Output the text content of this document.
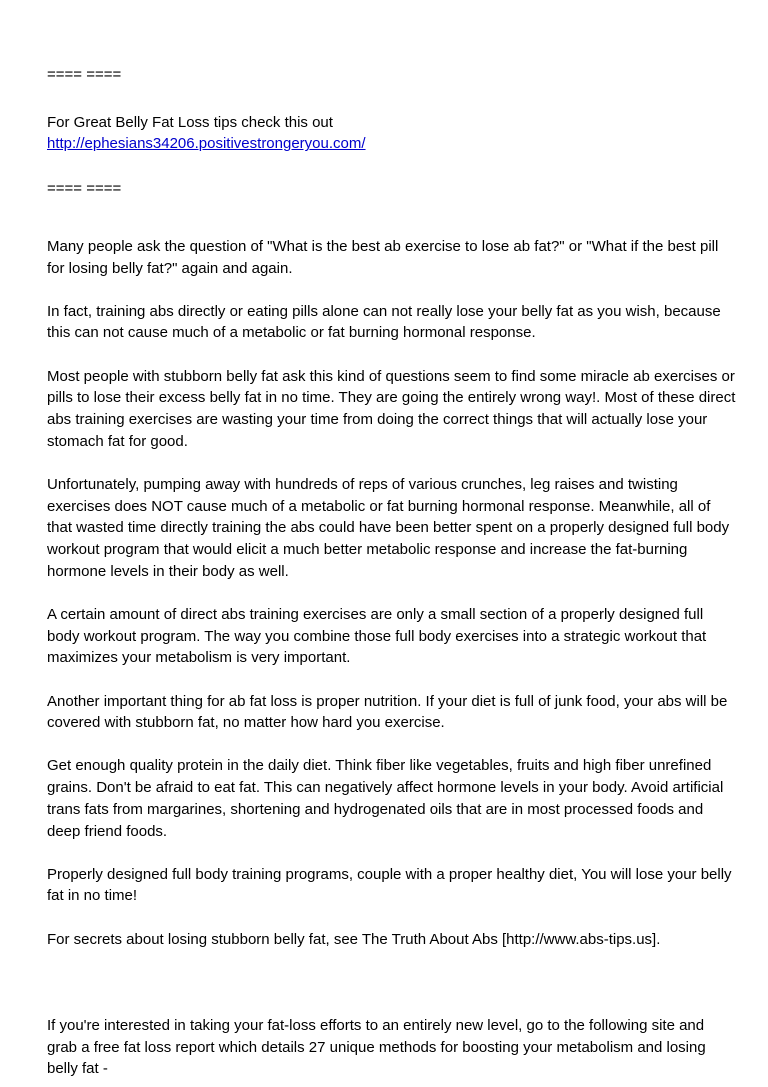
==== ====

For Great Belly Fat Loss tips check this out

http://ephesians34206.positivestrongeryou.com/

==== ====

Many people ask the question of "What is the best ab exercise to lose ab fat?" or "What if the best pill for losing belly fat?" again and again.

In fact, training abs directly or eating pills alone can not really lose your belly fat as you wish, because this can not cause much of a metabolic or fat burning hormonal response.

Most people with stubborn belly fat ask this kind of questions seem to find some miracle ab exercises or pills to lose their excess belly fat in no time. They are going the entirely wrong way!. Most of these direct abs training exercises are wasting your time from doing the correct things that will actually lose your stomach fat for good.

Unfortunately, pumping away with hundreds of reps of various crunches, leg raises and twisting exercises does NOT cause much of a metabolic or fat burning hormonal response. Meanwhile, all of that wasted time directly training the abs could have been better spent on a properly designed full body workout program that would elicit a much better metabolic response and increase the fat-burning hormone levels in their body as well.

A certain amount of direct abs training exercises are only a small section of a properly designed full body workout program. The way you combine those full body exercises into a strategic workout that maximizes your metabolism is very important.

Another important thing for ab fat loss is proper nutrition. If your diet is full of junk food, your abs will be covered with stubborn fat, no matter how hard you exercise.

Get enough quality protein in the daily diet. Think fiber like vegetables, fruits and high fiber unrefined grains. Don't be afraid to eat fat. This can negatively affect hormone levels in your body. Avoid artificial trans fats from margarines, shortening and hydrogenated oils that are in most processed foods and deep friend foods.

Properly designed full body training programs, couple with a proper healthy diet, You will lose your belly fat in no time!

For secrets about losing stubborn belly fat, see The Truth About Abs [http://www.abs-tips.us].

If you're interested in taking your fat-loss efforts to an entirely new level, go to the following site and grab a free fat loss report which details 27 unique methods for boosting your metabolism and losing belly fat -
